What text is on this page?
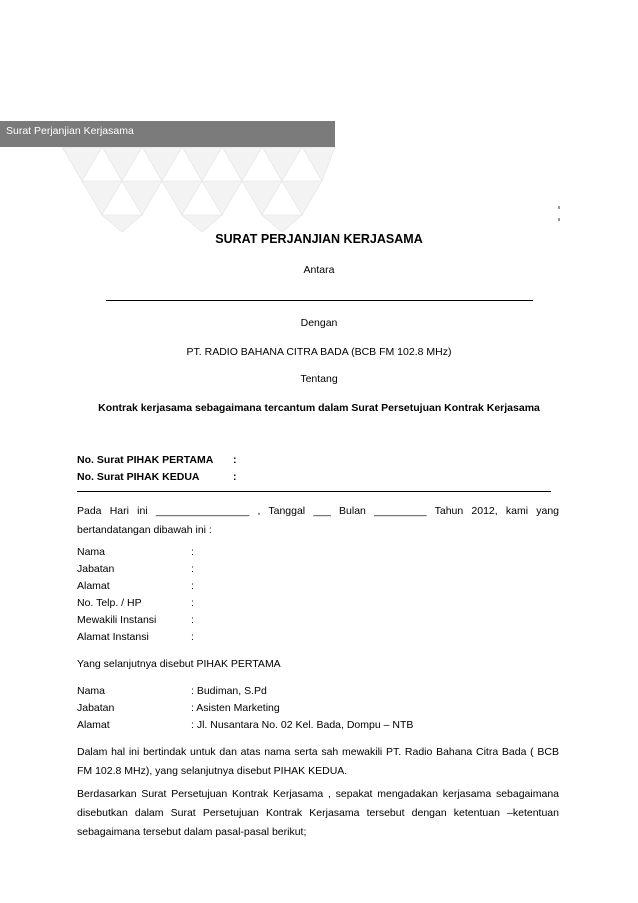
Surat Perjanjian Kerjasama
SURAT PERJANJIAN KERJASAMA
Antara
Dengan
PT. RADIO BAHANA CITRA BADA (BCB FM 102.8 MHz)
Tentang
Kontrak kerjasama sebagaimana tercantum dalam Surat Persetujuan Kontrak Kerjasama
No. Surat PIHAK PERTAMA :
No. Surat PIHAK KEDUA	:
Pada Hari ini ________________ , Tanggal ___ Bulan _________ Tahun 2012, kami yang
bertandatangan dibawah ini :
Nama	:
Jabatan	:
Alamat	:
No. Telp. / HP	:
Mewakili Instansi	:
Alamat Instansi	:
Yang selanjutnya disebut PIHAK PERTAMA
Nama	: Budiman, S.Pd
Jabatan	: Asisten Marketing
Alamat	: Jl. Nusantara No. 02 Kel. Bada, Dompu – NTB
Dalam hal ini bertindak untuk dan atas nama serta sah mewakili PT. Radio Bahana Citra Bada ( BCB
FM 102.8 MHz), yang selanjutnya disebut PIHAK KEDUA.
Berdasarkan Surat Persetujuan Kontrak Kerjasama , sepakat mengadakan kerjasama sebagaimana
disebutkan dalam Surat Persetujuan Kontrak Kerjasama tersebut dengan ketentuan –ketentuan
sebagaimana tersebut dalam pasal-pasal berikut;
